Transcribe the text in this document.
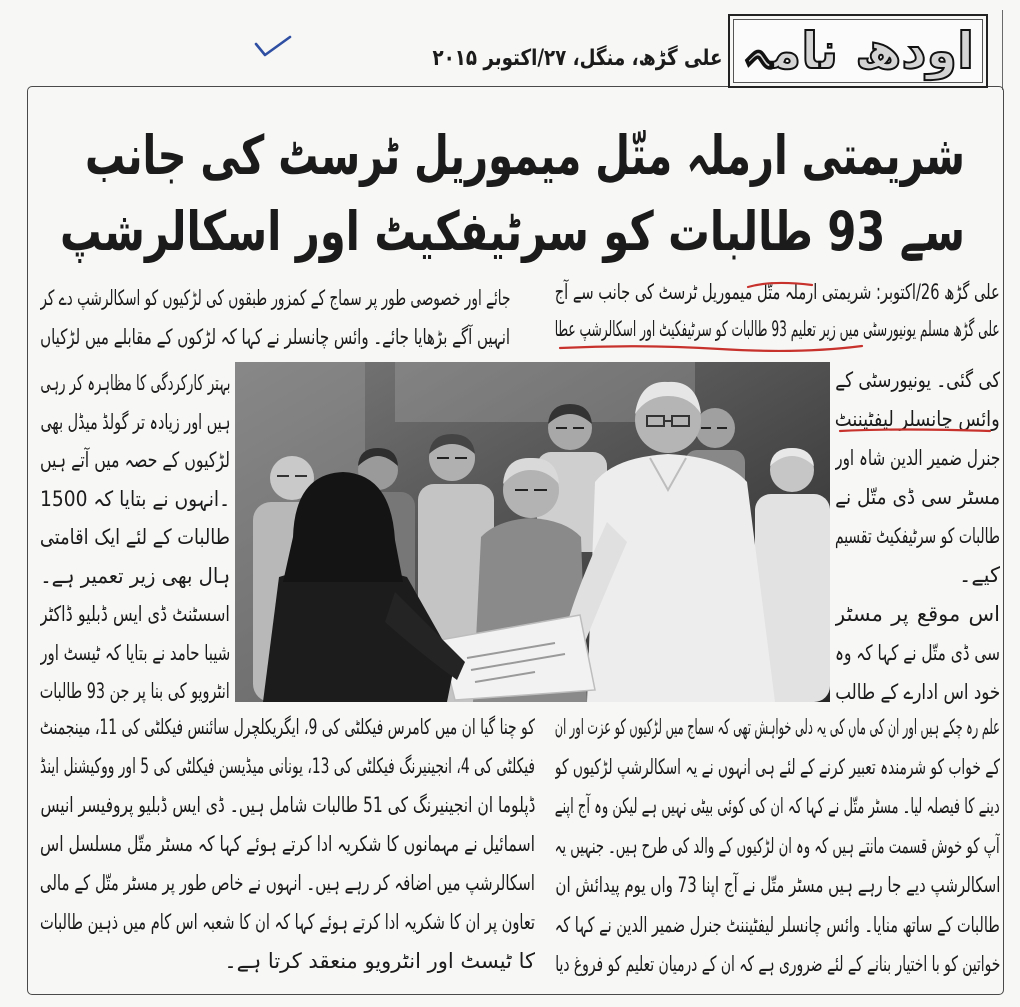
اودھ نامہ
علی گڑھ، منگل، ۲۷/اکتوبر ۲۰۱۵
شریمتی ارملہ متّل میموریل ٹرسٹ کی جانب
سے 93 طالبات کو سرٹیفکیٹ اور اسکالرشپ
علی گڑھ 26/اکتوبر: شریمتی ارملہ متّل میموریل ٹرسٹ کی جانب سے آج
علی گڑھ مسلم یونیورسٹی میں زیر تعلیم 93 طالبات کو سرٹیفکیٹ اور اسکالرشپ عطا
کی گئی۔ یونیورسٹی کے
وائس چانسلر لیفٹیننٹ
جنرل ضمیر الدین شاہ اور
مسٹر سی ڈی متّل نے
طالبات کو سرٹیفکیٹ تقسیم
کیے۔
اس موقع پر مسٹر
سی ڈی متّل نے کہا کہ وہ
خود اس ادارے کے طالب
جائے اور خصوصی طور پر سماج کے کمزور طبقوں کی لڑکیوں کو اسکالرشپ دے کر
انہیں آگے بڑھایا جائے۔ وائس چانسلر نے کہا کہ لڑکوں کے مقابلے میں لڑکیاں
بہتر کارکردگی کا مظاہرہ کر رہی
ہیں اور زیادہ تر گولڈ میڈل بھی
لڑکیوں کے حصہ میں آتے ہیں
۔انہوں نے بتایا کہ 1500
طالبات کے لئے ایک اقامتی
ہال بھی زیر تعمیر ہے۔
اسسٹنٹ ڈی ایس ڈبلیو ڈاکٹر
شیبا حامد نے بتایا کہ ٹیسٹ اور
انٹرویو کی بنا پر جن 93 طالبات
علم رہ چکے ہیں اور ان کی ماں کی یہ دلی خواہش تھی کہ سماج میں لڑکیوں کو عزت اور ان
کے خواب کو شرمندہ تعبیر کرنے کے لئے ہی انہوں نے یہ اسکالرشپ لڑکیوں کو
دینے کا فیصلہ لیا۔ مسٹر متّل نے کہا کہ ان کی کوئی بیٹی نہیں ہے لیکن وہ آج اپنے
آپ کو خوش قسمت مانتے ہیں کہ وہ ان لڑکیوں کے والد کی طرح ہیں۔ جنہیں یہ
اسکالرشپ دیے جا رہے ہیں مسٹر متّل نے آج اپنا 73 واں یوم پیدائش ان
طالبات کے ساتھ منایا۔ وائس چانسلر لیفٹیننٹ جنرل ضمیر الدین نے کہا کہ
خواتین کو با اختیار بنانے کے لئے ضروری ہے کہ ان کے درمیان تعلیم کو فروغ دیا
کو چنا گیا ان میں کامرس فیکلٹی کی 9، ایگریکلچرل سائنس فیکلٹی کی 11، مینجمنٹ
فیکلٹی کی 4، انجینیرنگ فیکلٹی کی 13، یونانی میڈیسن فیکلٹی کی 5 اور ووکیشنل اینڈ
ڈپلوما ان انجینیرنگ کی 51 طالبات شامل ہیں۔ ڈی ایس ڈبلیو پروفیسر انیس
اسمائیل نے مہمانوں کا شکریہ ادا کرتے ہوئے کہا کہ مسٹر متّل مسلسل اس
اسکالرشپ میں اضافہ کر رہے ہیں۔ انہوں نے خاص طور پر مسٹر متّل کے مالی
تعاون پر ان کا شکریہ ادا کرتے ہوئے کہا کہ ان کا شعبہ اس کام میں ذہین طالبات
کا ٹیسٹ اور انٹرویو منعقد کرتا ہے۔
